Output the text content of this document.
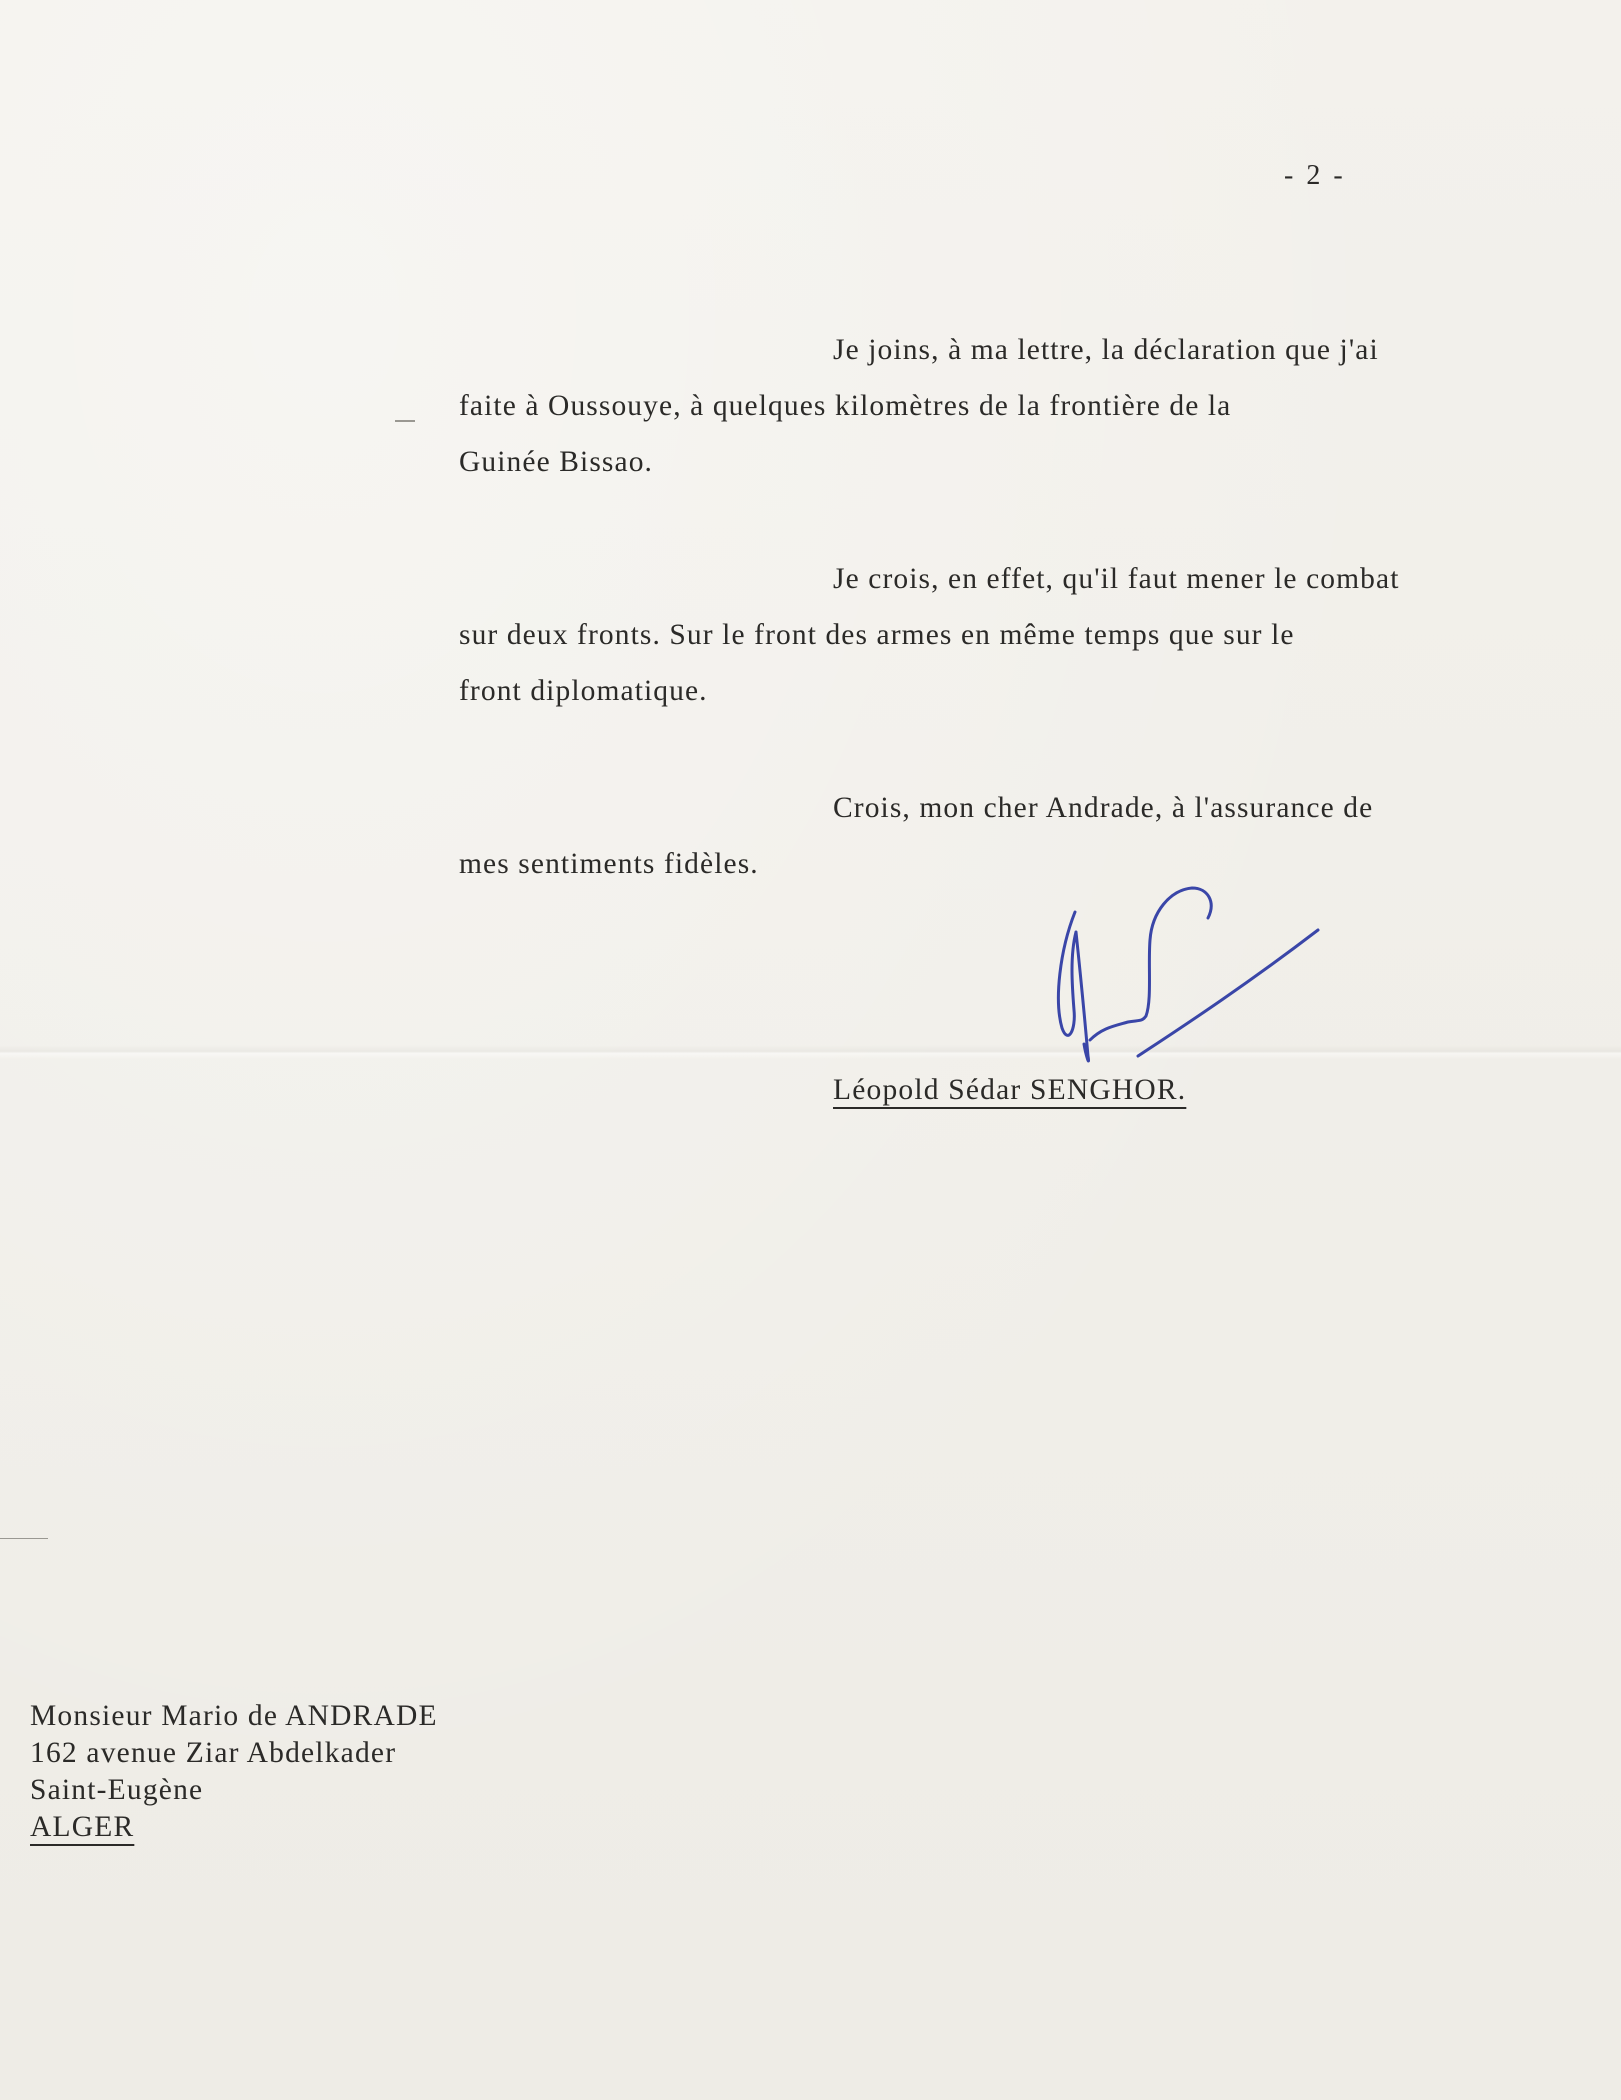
- 2 -
Je joins, à ma lettre, la déclaration que j'ai
faite à Oussouye, à quelques kilomètres de la frontière de la
Guinée Bissao.
Je crois, en effet, qu'il faut mener le combat
sur deux fronts. Sur le front des armes en même temps que sur le
front diplomatique.
Crois, mon cher Andrade, à l'assurance de
mes sentiments fidèles.
Léopold Sédar SENGHOR.
Monsieur Mario de ANDRADE
162 avenue Ziar Abdelkader
Saint-Eugène
ALGER
